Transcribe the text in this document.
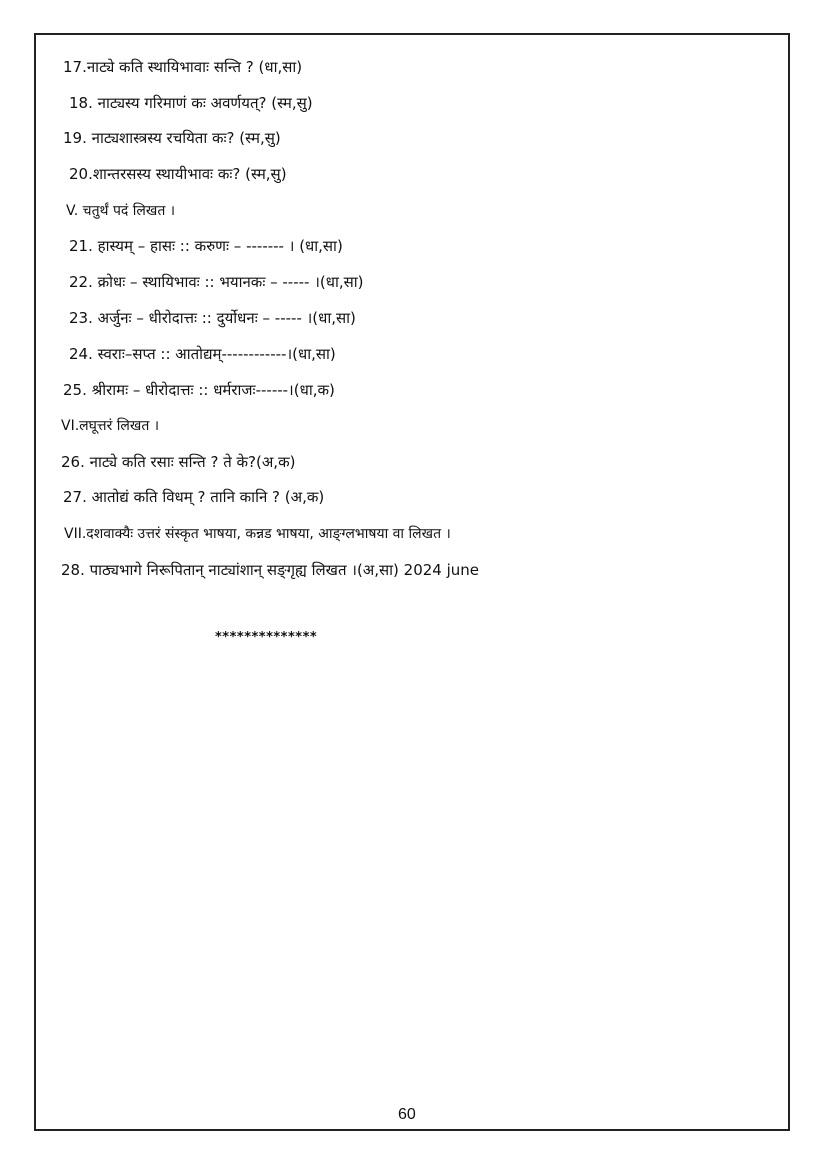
17.नाट्ये कति स्थायिभावाः सन्ति ? (धा,सा)
18. नाट्यस्य गरिमाणं कः अवर्णयत्? (स्म,सु)
19. नाट्यशास्त्रस्य रचयिता कः? (स्म,सु)
20.शान्तरसस्य स्थायीभावः कः? (स्म,सु)
V. चतुर्थं पदं लिखत ।
21. हास्यम् – हासः :: करुणः – ------- । (धा,सा)
22. क्रोधः – स्थायिभावः :: भयानकः – ----- ।(धा,सा)
23. अर्जुनः – धीरोदात्तः :: दुर्योधनः – ----- ।(धा,सा)
24. स्वराः–सप्त :: आतोद्यम्------------।(धा,सा)
25. श्रीरामः – धीरोदात्तः :: धर्मराजः------।(धा,क)
VI.लघूत्तरं लिखत ।
26. नाट्ये कति रसाः सन्ति ? ते के?(अ,क)
27. आतोद्यं कति विधम् ? तानि कानि ? (अ,क)
VII.दशवाक्यैः उत्तरं संस्कृत भाषया, कन्नड भाषया, आङ्ग्लभाषया वा लिखत ।
28. पाठ्यभागे निरूपितान् नाट्यांशान् सङ्गृह्य लिखत ।(अ,सा) 2024 june
**************
60
